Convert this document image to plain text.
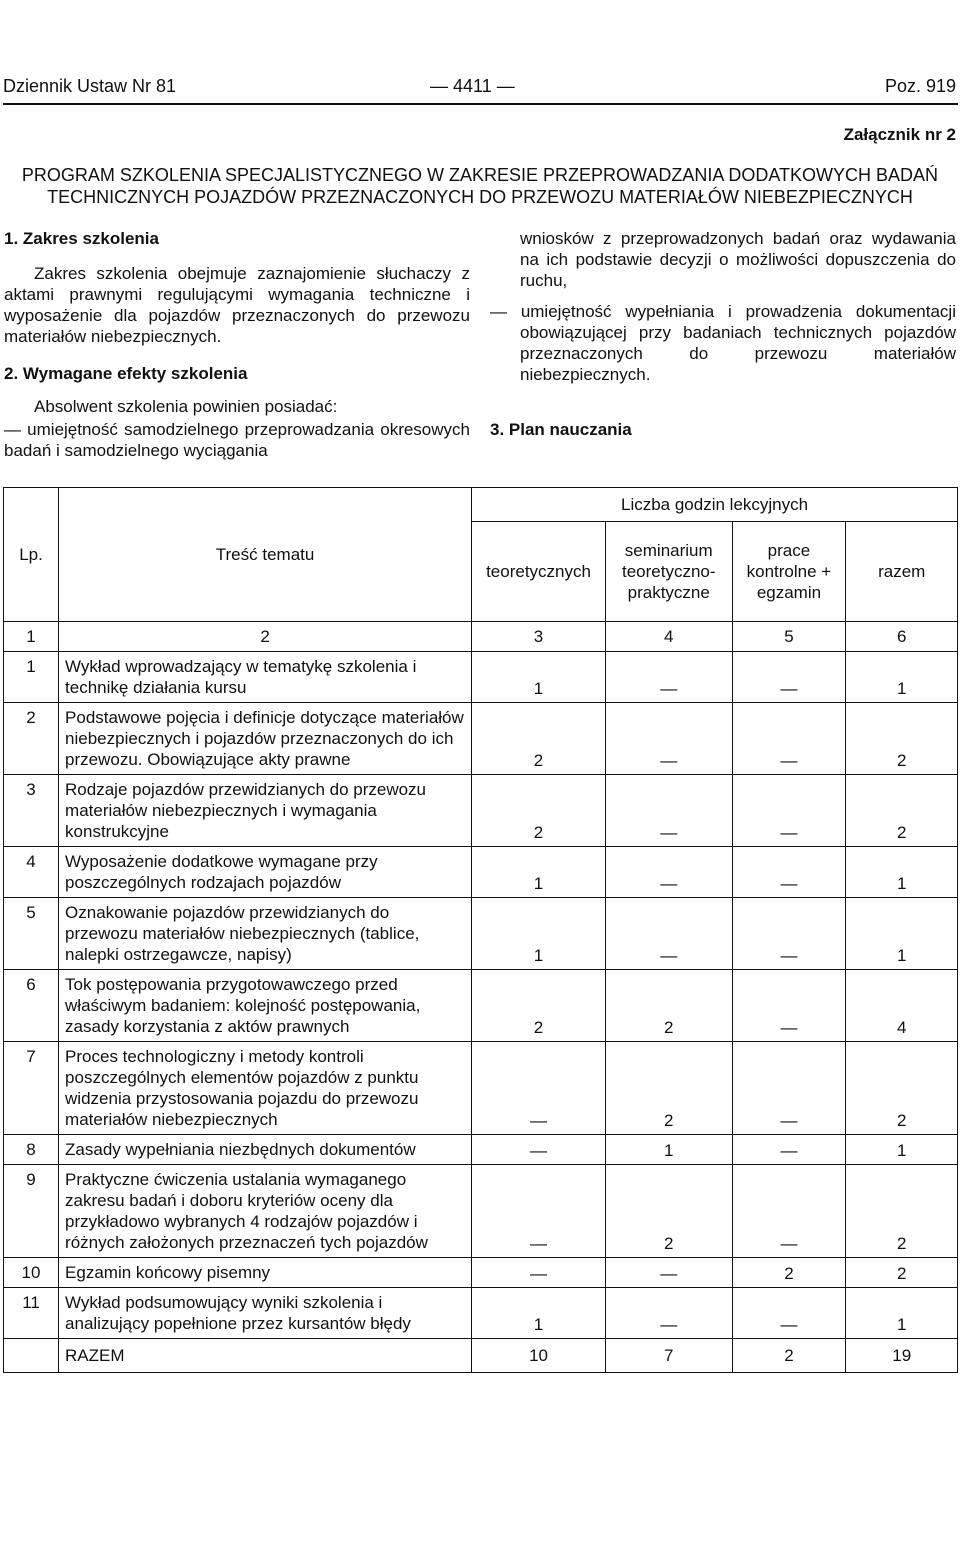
Dziennik Ustaw Nr 81	— 4411 —	Poz. 919
Załącznik nr 2
PROGRAM SZKOLENIA SPECJALISTYCZNEGO W ZAKRESIE PRZEPROWADZANIA DODATKOWYCH BADAŃ
TECHNICZNYCH POJAZDÓW PRZEZNACZONYCH DO PRZEWOZU MATERIAŁÓW NIEBEZPIECZNYCH
1. Zakres szkolenia

Zakres szkolenia obejmuje zaznajomienie słuchaczy z aktami prawnymi regulującymi wymagania techniczne i wyposażenie dla pojazdów przeznaczonych do przewozu materiałów niebezpiecznych.

2. Wymagane efekty szkolenia

Absolwent szkolenia powinien posiadać:

— umiejętność samodzielnego przeprowadzania okresowych badań i samodzielnego wyciągania

wniosków z przeprowadzonych badań oraz wydawania na ich podstawie decyzji o możliwości dopuszczenia do ruchu,

— umiejętność wypełniania i prowadzenia dokumentacji obowiązującej przy badaniach technicznych pojazdów przeznaczonych do przewozu materiałów niebezpiecznych.

3. Plan nauczania
Lp.	Treść tematu	Liczba godzin lekcyjnych			
		teoretycznych	seminarium teoretyczno-praktyczne	prace kontrolne + egzamin	razem
1	2	3	4	5	6
1	Wykład wprowadzający w tematykę szkolenia i technikę działania kursu	1	—	—	1
2	Podstawowe pojęcia i definicje dotyczące materiałów niebezpiecznych i pojazdów przeznaczonych do ich przewozu. Obowiązujące akty prawne	2	—	—	2
3	Rodzaje pojazdów przewidzianych do przewozu materiałów niebezpiecznych i wymagania konstrukcyjne	2	—	—	2
4	Wyposażenie dodatkowe wymagane przy poszczególnych rodzajach pojazdów	1	—	—	1
5	Oznakowanie pojazdów przewidzianych do przewozu materiałów niebezpiecznych (tablice, nalepki ostrzegawcze, napisy)	1	—	—	1
6	Tok postępowania przygotowawczego przed właściwym badaniem: kolejność postępowania, zasady korzystania z aktów prawnych	2	2	—	4
7	Proces technologiczny i metody kontroli poszczególnych elementów pojazdów z punktu widzenia przystosowania pojazdu do przewozu materiałów niebezpiecznych	—	2	—	2
8	Zasady wypełniania niezbędnych dokumentów	—	1	—	1
9	Praktyczne ćwiczenia ustalania wymaganego zakresu badań i doboru kryteriów oceny dla przykładowo wybranych 4 rodzajów pojazdów i różnych założonych przeznaczeń tych pojazdów	—	2	—	2
10	Egzamin końcowy pisemny	—	—	2	2
11	Wykład podsumowujący wyniki szkolenia i analizujący popełnione przez kursantów błędy	1	—	—	1
	RAZEM	10	7	2	19
